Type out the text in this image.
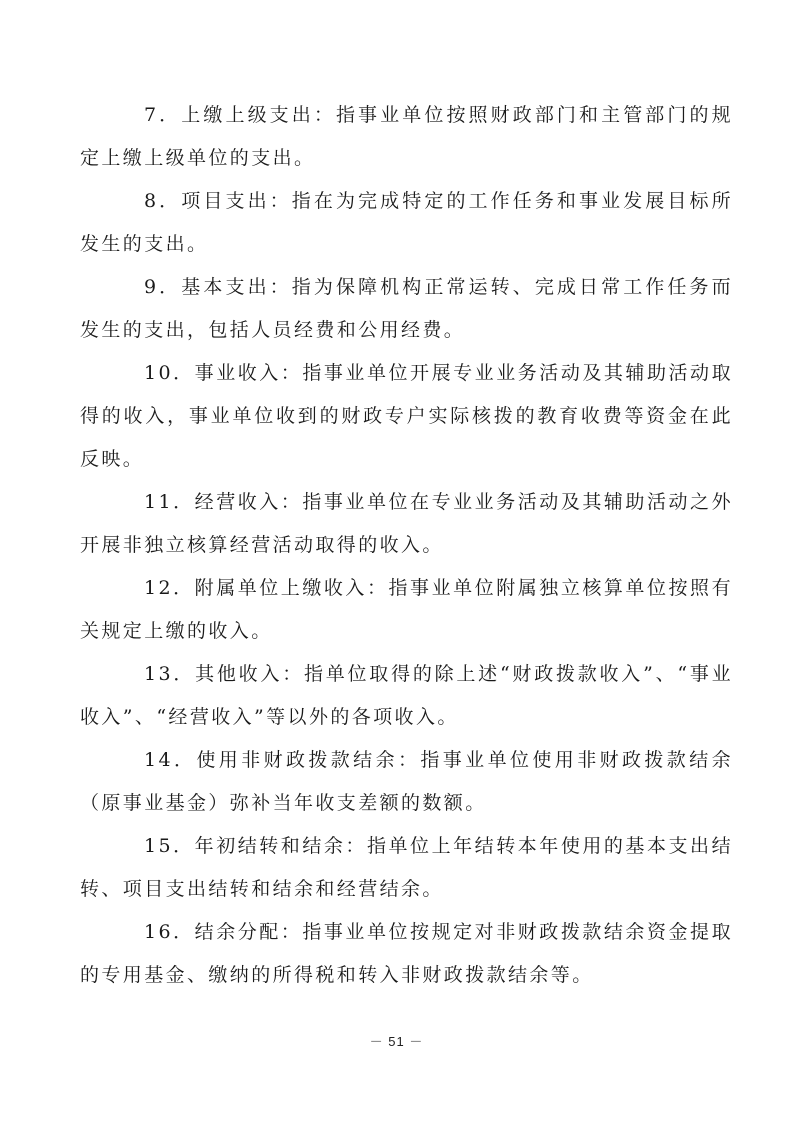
7．上缴上级支出：指事业单位按照财政部门和主管部门的规定上缴上级单位的支出。

8．项目支出：指在为完成特定的工作任务和事业发展目标所发生的支出。

9．基本支出：指为保障机构正常运转、完成日常工作任务而发生的支出，包括人员经费和公用经费。

10．事业收入：指事业单位开展专业业务活动及其辅助活动取得的收入，事业单位收到的财政专户实际核拨的教育收费等资金在此反映。

11．经营收入：指事业单位在专业业务活动及其辅助活动之外开展非独立核算经营活动取得的收入。

12．附属单位上缴收入：指事业单位附属独立核算单位按照有关规定上缴的收入。

13．其他收入：指单位取得的除上述“财政拨款收入”、“事业收入”、“经营收入”等以外的各项收入。

14．使用非财政拨款结余：指事业单位使用非财政拨款结余（原事业基金）弥补当年收支差额的数额。

15．年初结转和结余：指单位上年结转本年使用的基本支出结转、项目支出结转和结余和经营结余。

16．结余分配：指事业单位按规定对非财政拨款结余资金提取的专用基金、缴纳的所得税和转入非财政拨款结余等。

－ 51 －
